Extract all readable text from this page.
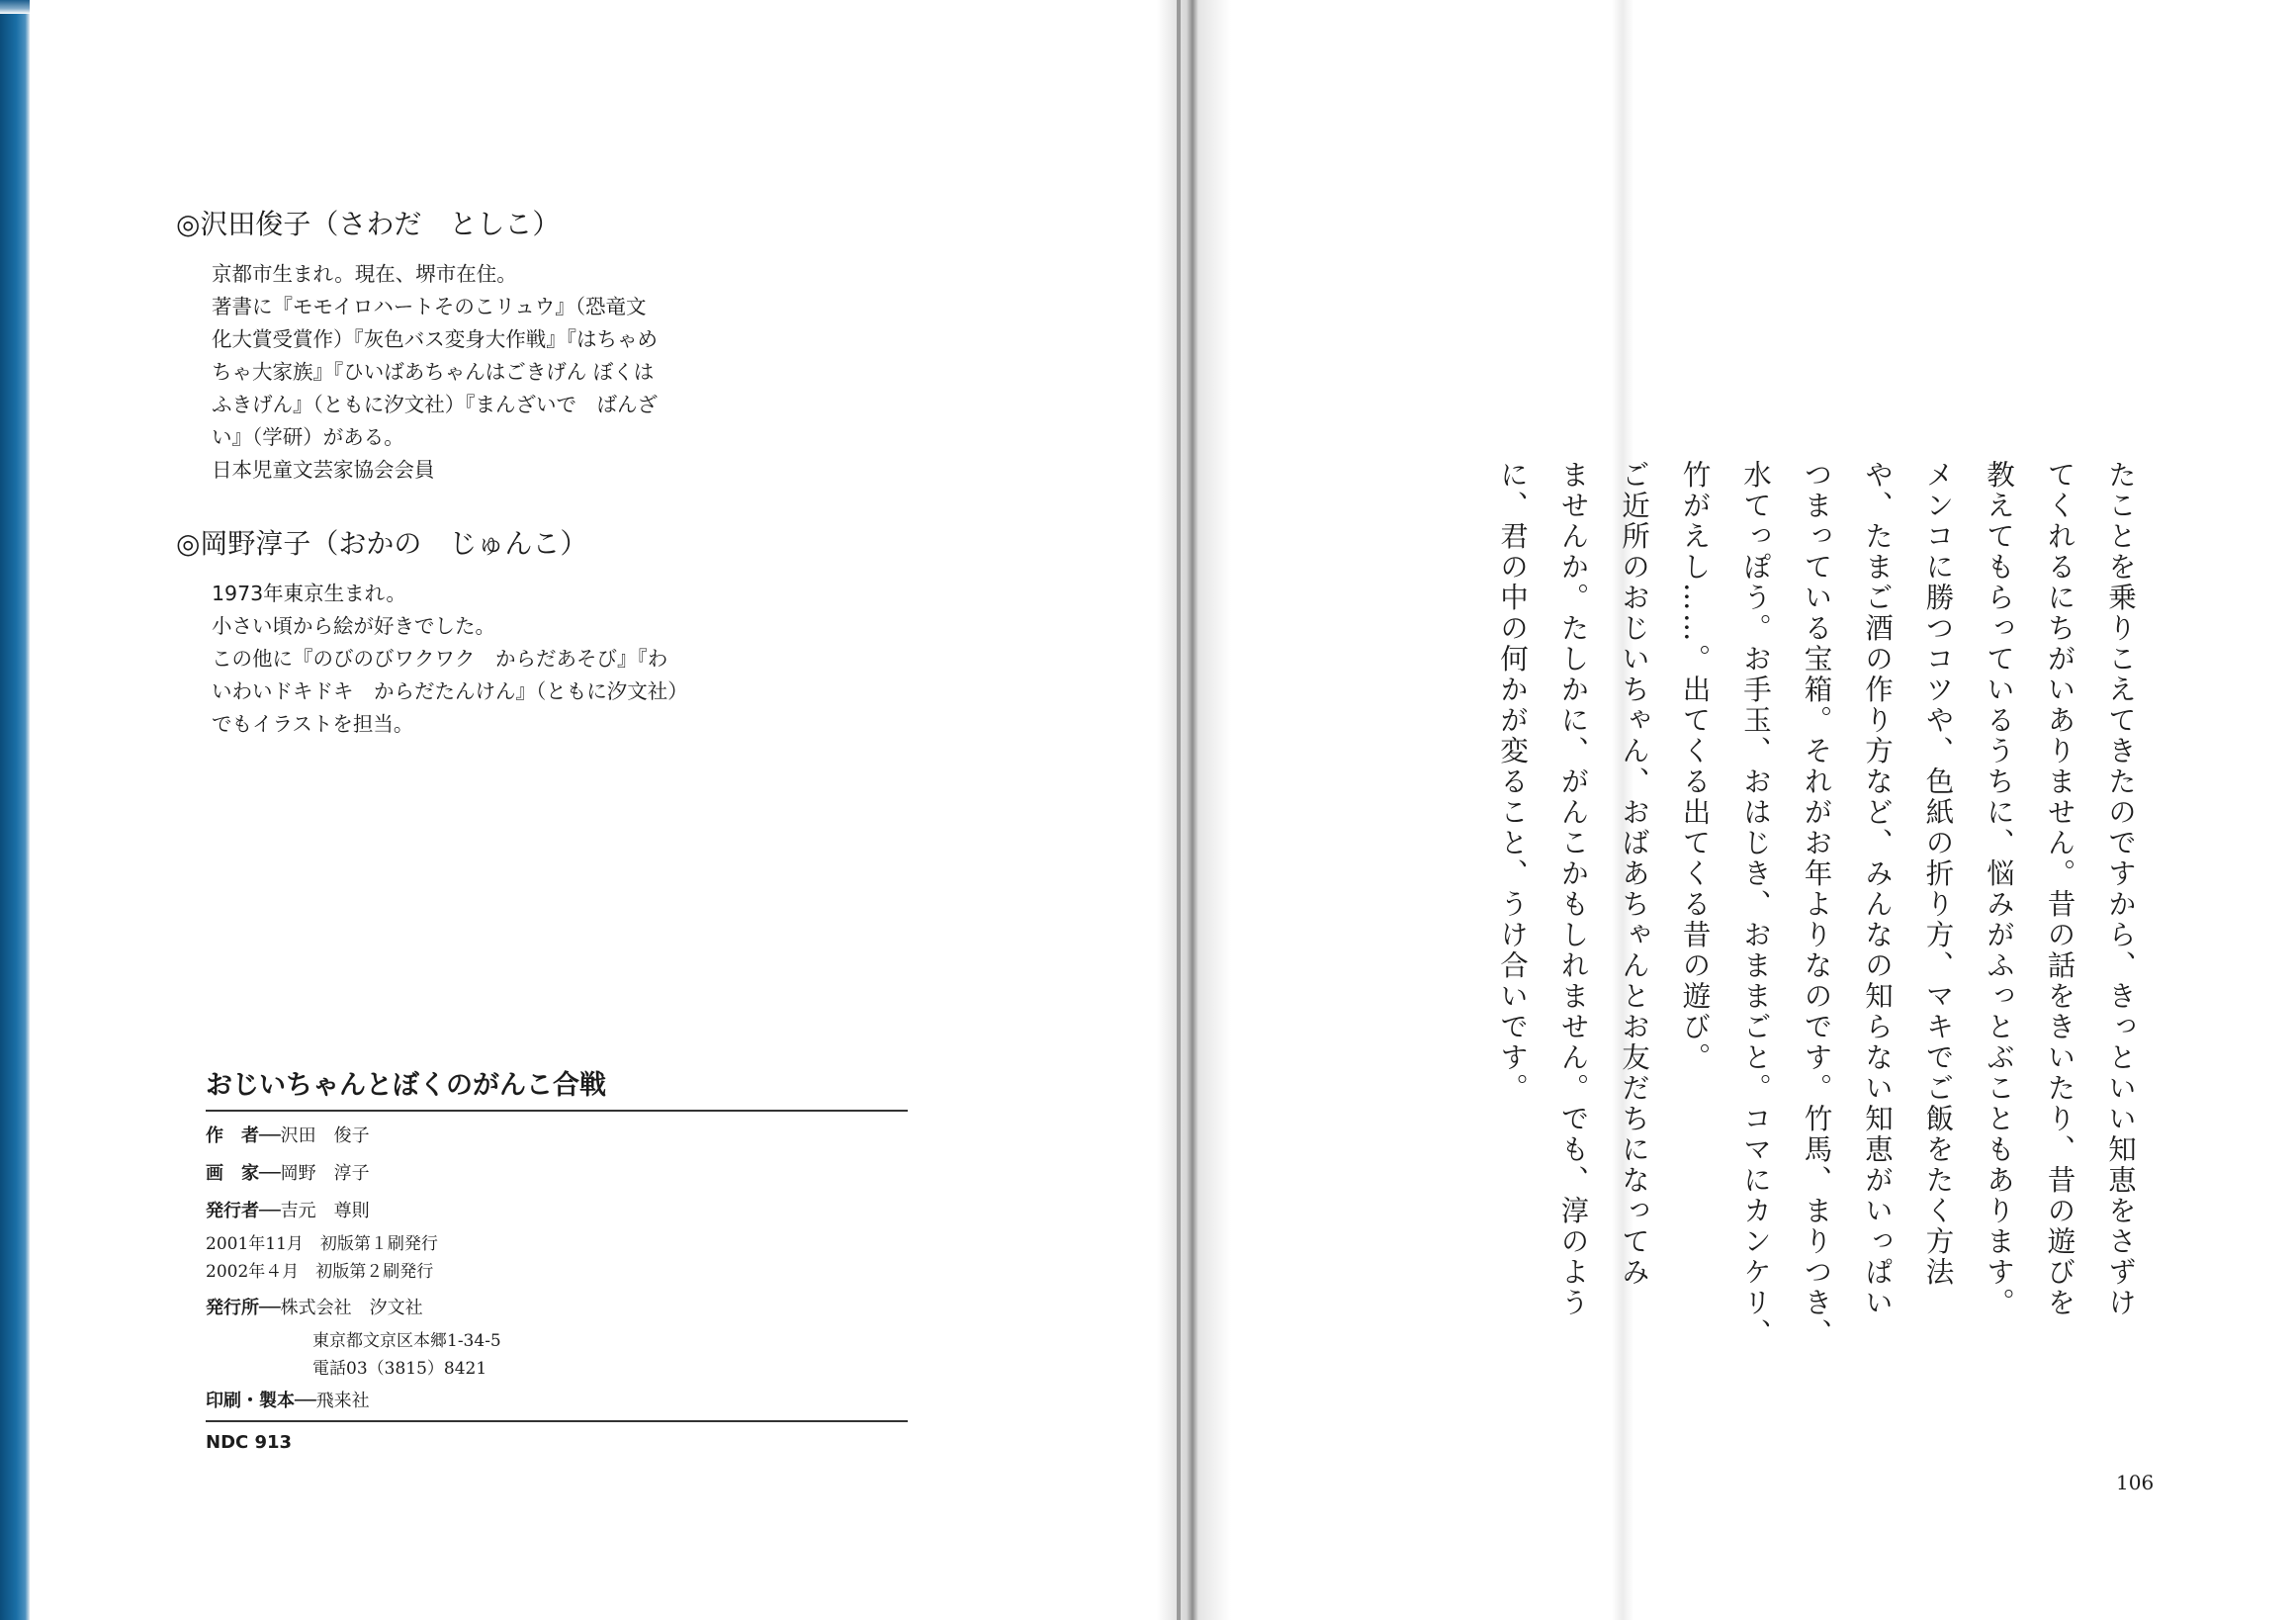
◎沢田俊子（さわだ　としこ）

京都市生まれ。現在、堺市在住。
著書に『モモイロハートそのこリュウ』（恐竜文
化大賞受賞作）『灰色バス変身大作戦』『はちゃめ
ちゃ大家族』『ひいばあちゃんはごきげん ぼくは
ふきげん』（ともに汐文社）『まんざいで　ばんざ
い』（学研）がある。
日本児童文芸家協会会員

◎岡野淳子（おかの　じゅんこ）

1973年東京生まれ。
小さい頃から絵が好きでした。
この他に『のびのびワクワク　からだあそび』『わ
いわいドキドキ　からだたんけん』（ともに汐文社）
でもイラストを担当。

おじいちゃんとぼくのがんこ合戦

作　者──沢田　俊子
画　家──岡野　淳子
発行者──吉元　尊則
2001年11月　初版第１刷発行
2002年４月　初版第２刷発行
発行所──株式会社　汐文社
東京都文京区本郷1-34-5
電話03（3815）8421
印刷・製本──飛来社
NDC 913
たことを乗りこえてきたのですから、きっといい知恵をさずけ
てくれるにちがいありません。昔の話をきいたり、昔の遊びを
教えてもらっているうちに、悩みがふっとぶこともあります。
メンコに勝つコツや、色紙の折り方、マキでご飯をたく方法
や、たまご酒の作り方など、みんなの知らない知恵がいっぱい
つまっている宝箱。それがお年よりなのです。竹馬、まりつき、
水てっぽう。お手玉、おはじき、おままごと。コマにカンケリ、
竹がえし……。出てくる出てくる昔の遊び。
ご近所のおじいちゃん、おばあちゃんとお友だちになってみ
ませんか。たしかに、がんこかもしれません。でも、淳のよう
に、君の中の何かが変ること、うけ合いです。
106
